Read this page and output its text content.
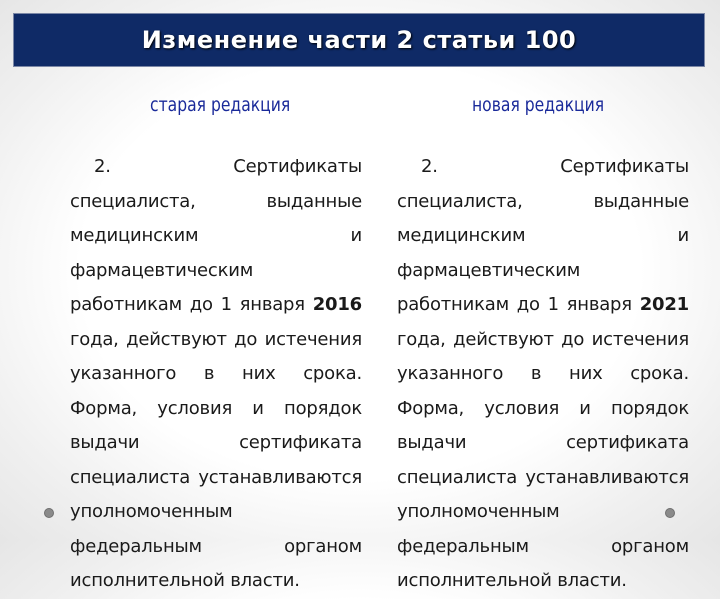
Изменение части 2 статьи 100
старая редакция	новая редакция

2. Сертификаты специалиста, выданные медицинским и фармацевтическим работникам до 1 января 2016 года, действуют до истечения указанного в них срока. Форма, условия и порядок выдачи сертификата специалиста устанавливаются уполномоченным федеральным органом исполнительной власти.

2. Сертификаты специалиста, выданные медицинским и фармацевтическим работникам до 1 января 2021 года, действуют до истечения указанного в них срока. Форма, условия и порядок выдачи сертификата специалиста устанавливаются уполномоченным федеральным органом исполнительной власти.
